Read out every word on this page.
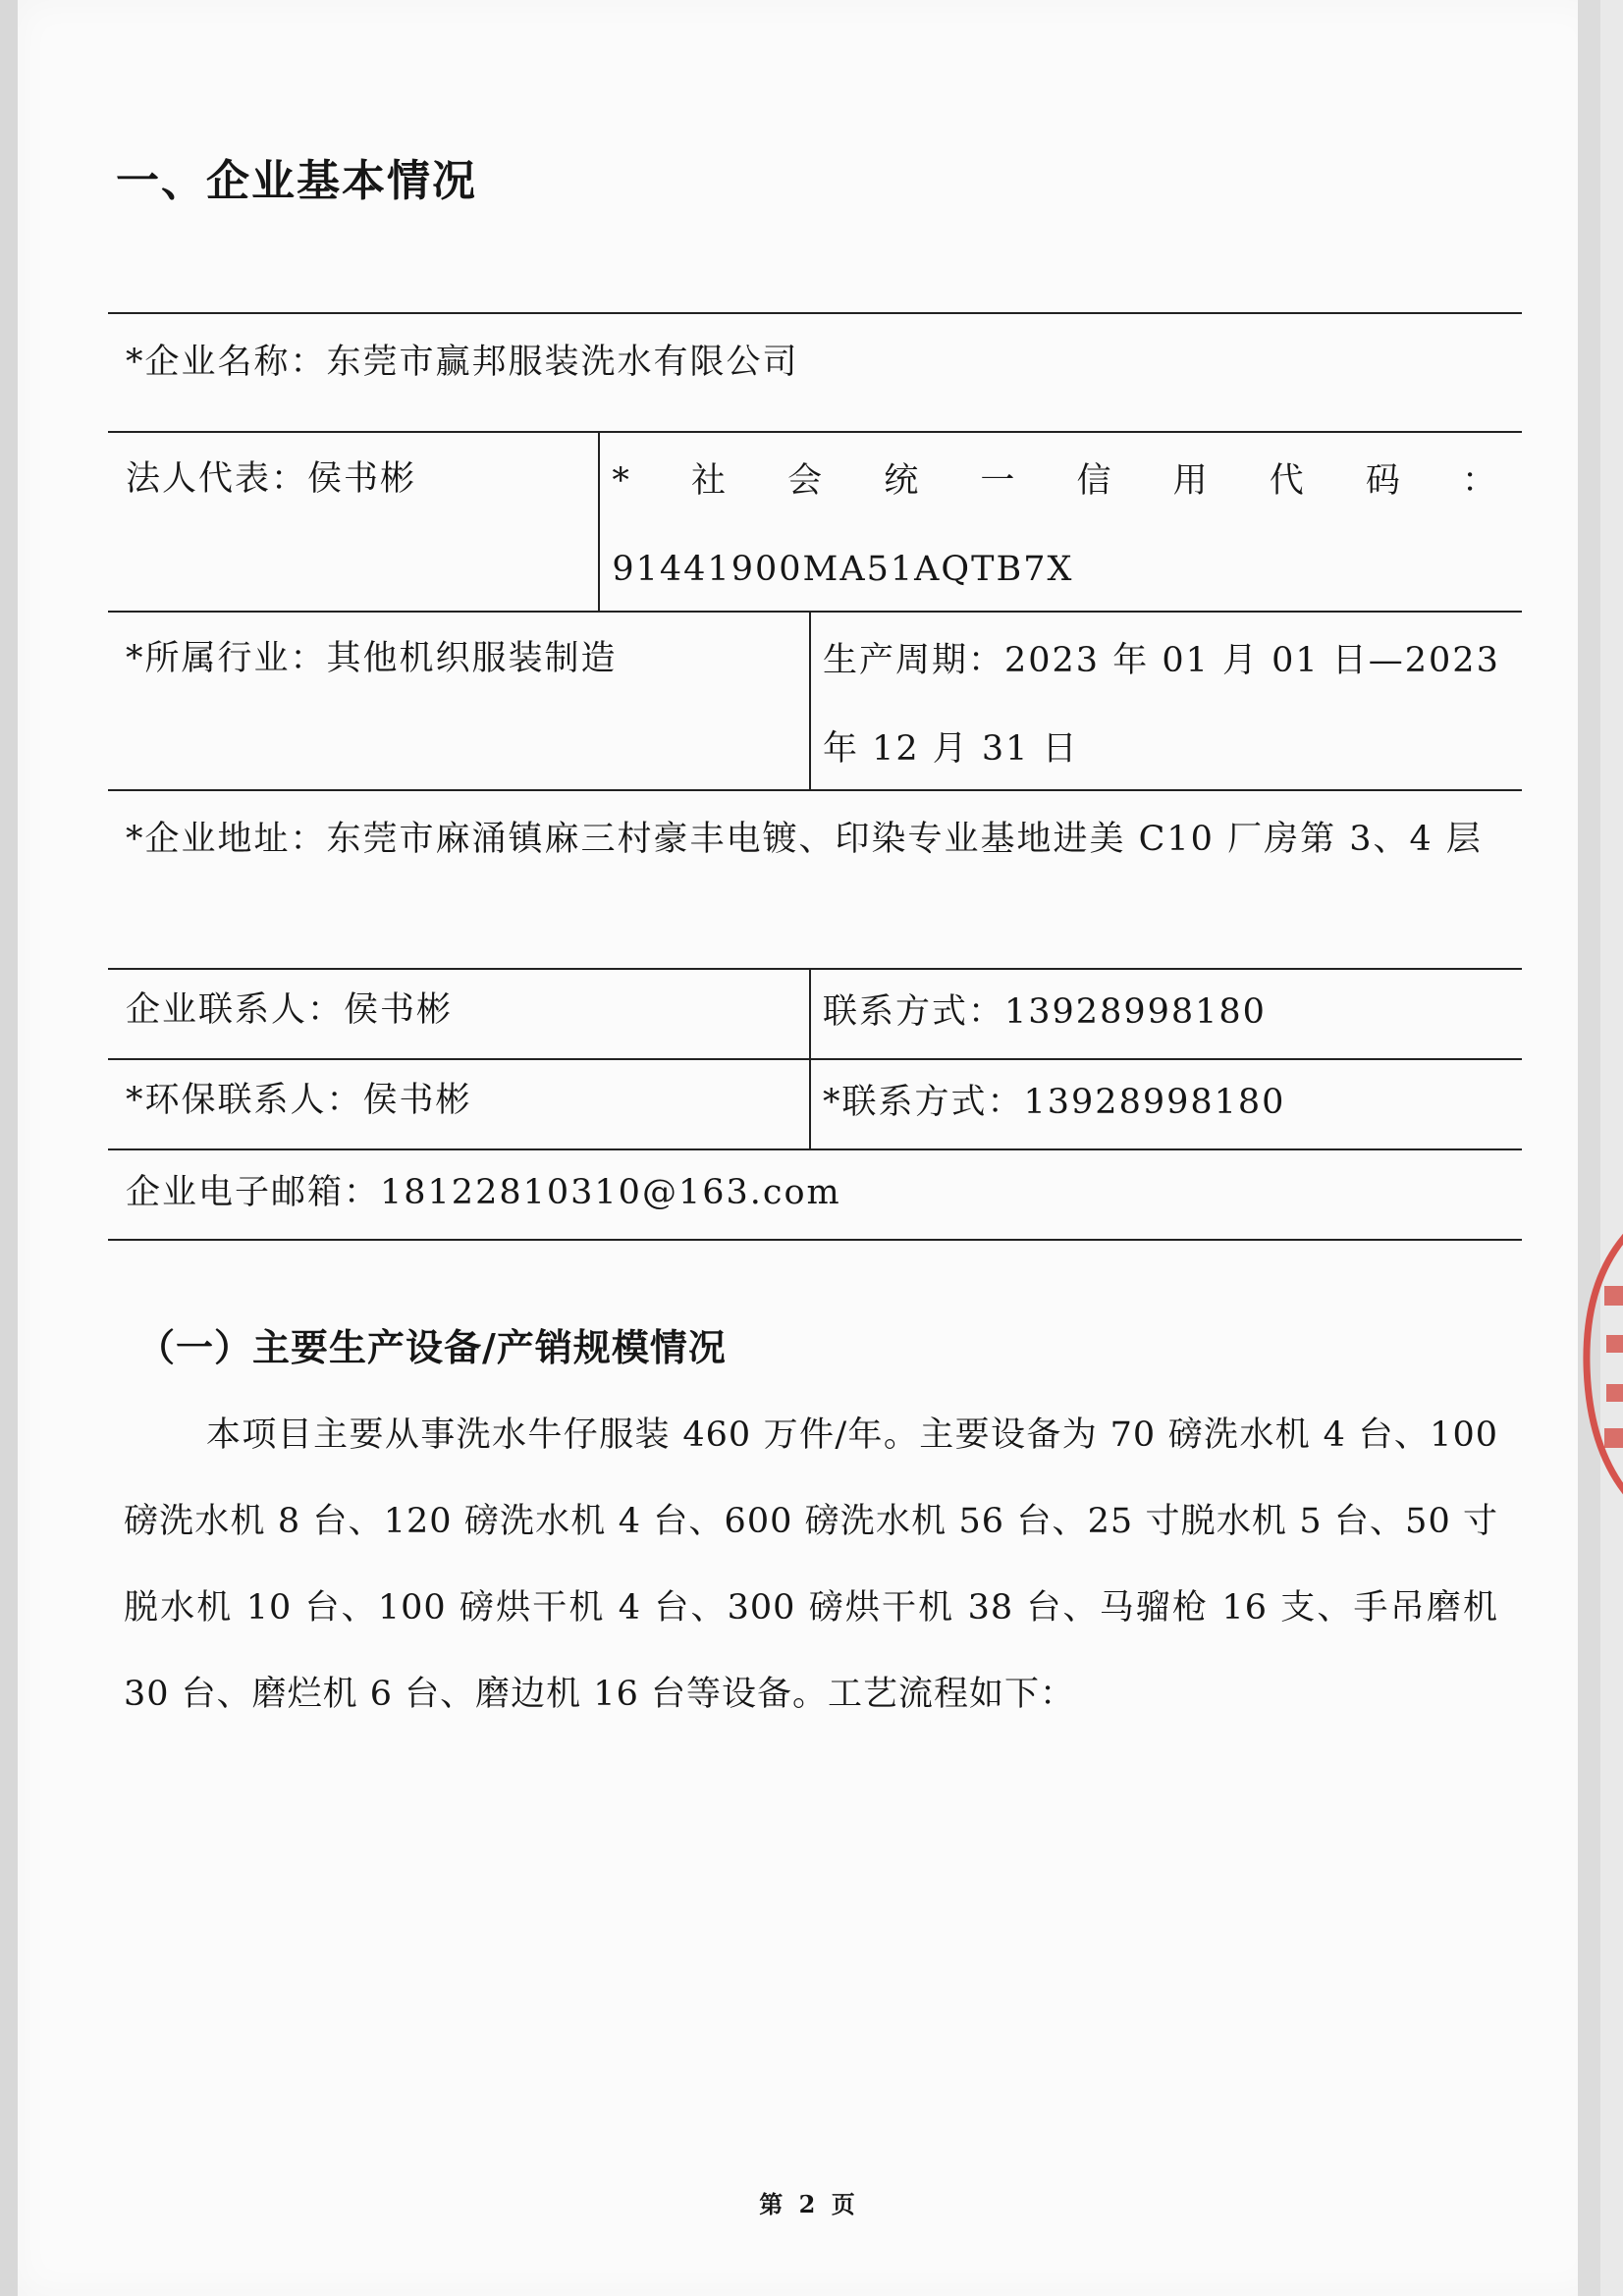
一、企业基本情况
*企业名称：东莞市赢邦服装洗水有限公司
法人代表：侯书彬	* 社 会 统 一 信 用 代 码 ：
91441900MA51AQTB7X
*所属行业：其他机织服装制造	生产周期：2023 年 01 月 01 日—2023
年 12 月 31 日
*企业地址：东莞市麻涌镇麻三村豪丰电镀、印染专业基地进美 C10 厂房第 3、4 层
企业联系人：侯书彬	联系方式：13928998180
*环保联系人：侯书彬	*联系方式：13928998180
企业电子邮箱：18122810310@163.com
（一）主要生产设备/产销规模情况
本项目主要从事洗水牛仔服装 460 万件/年。主要设备为 70 磅洗水机 4 台、100 磅洗水机 8 台、120 磅洗水机 4 台、600 磅洗水机 56 台、25 寸脱水机 5 台、50 寸脱水机 10 台、100 磅烘干机 4 台、300 磅烘干机 38 台、马骝枪 16 支、手吊磨机 30 台、磨烂机 6 台、磨边机 16 台等设备。工艺流程如下：
第 2 页
